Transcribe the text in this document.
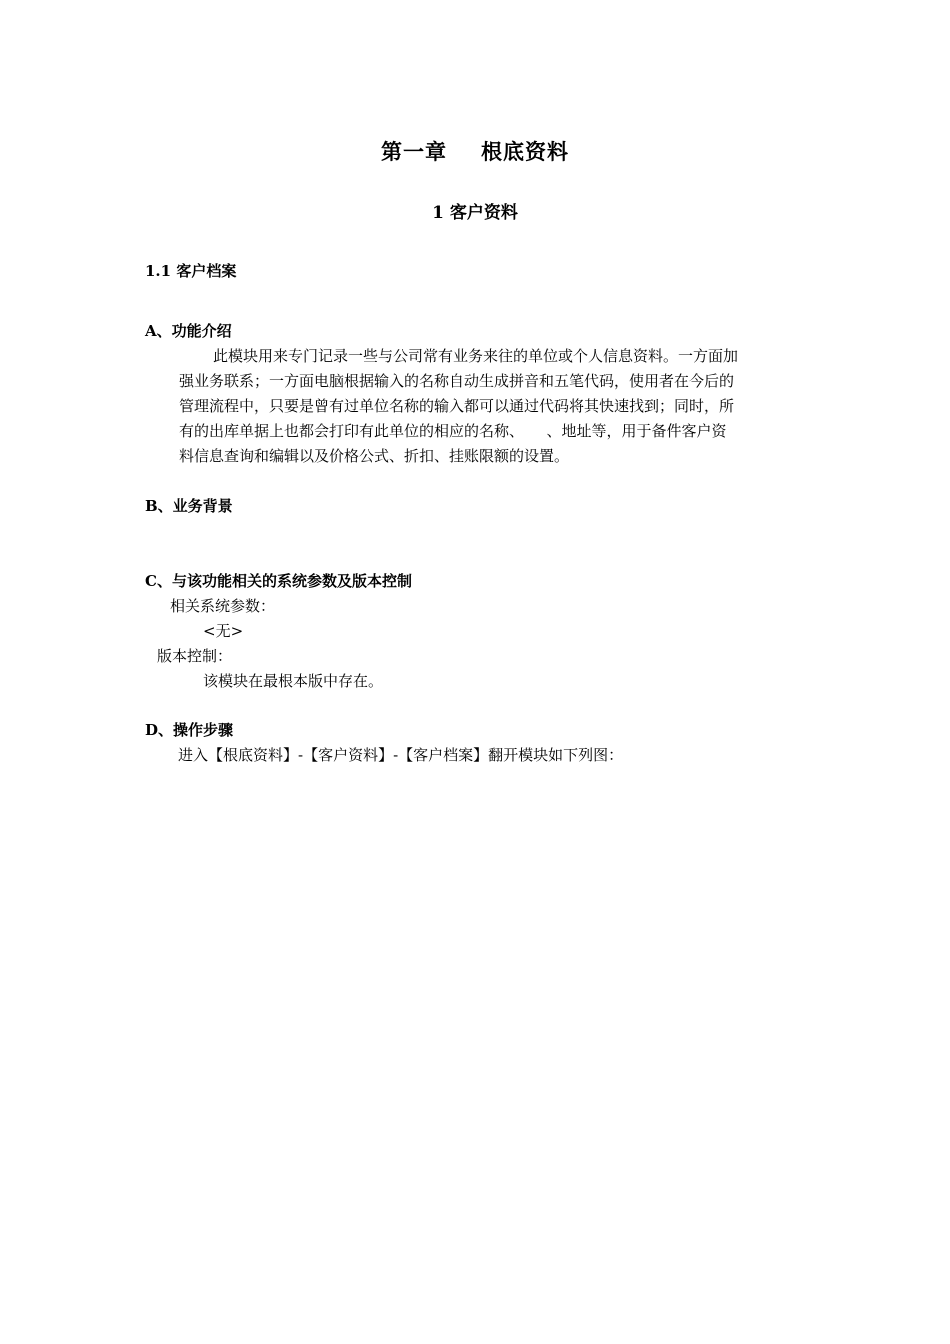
第一章 根底资料
1 客户资料
1.1 客户档案
A、功能介绍
此模块用来专门记录一些与公司常有业务来往的单位或个人信息资料。一方面加
强业务联系；一方面电脑根据输入的名称自动生成拼音和五笔代码，使用者在今后的
管理流程中，只要是曾有过单位名称的输入都可以通过代码将其快速找到；同时，所
有的出库单据上也都会打印有此单位的相应的名称、　　、地址等，用于备件客户资
料信息查询和编辑以及价格公式、折扣、挂账限额的设置。
B、业务背景
C、与该功能相关的系统参数及版本控制
相关系统参数：
<无>
版本控制：
该模块在最根本版中存在。
D、操作步骤
进入【根底资料】-【客户资料】-【客户档案】翻开模块如下列图：
